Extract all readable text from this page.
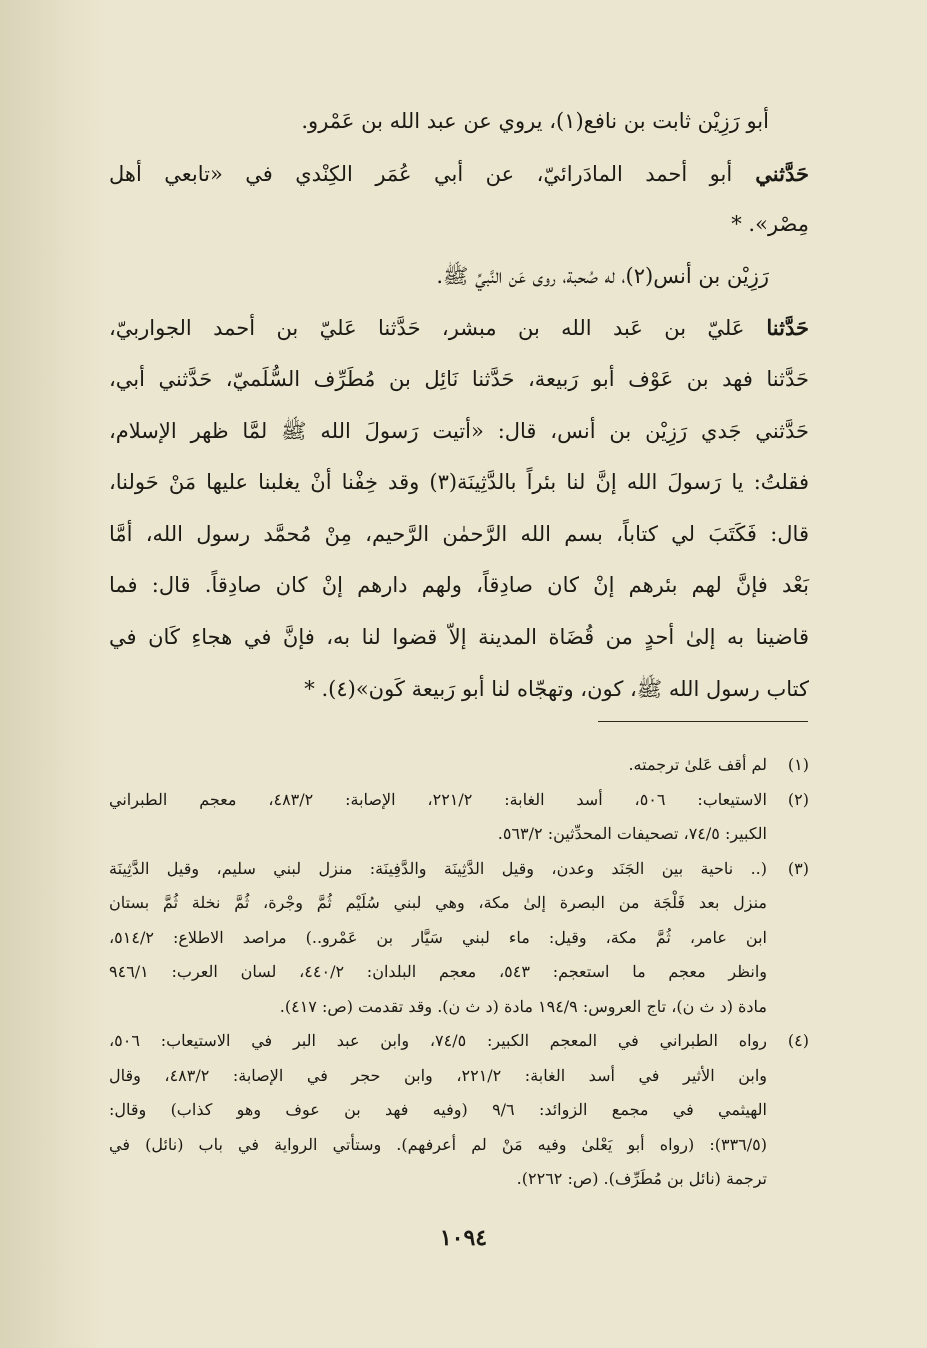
أبو رَزِيْن ثابت بن نافع(١)، يروي عن عبد الله بن عَمْرو.
حَدَّثني أبو أحمد المادَرائيّ، عن أبي عُمَر الكِنْدي في «تابعي أهل
مِصْر». *
رَزِيْن بن أنس(٢)، له صُحبة، روى عَن النَّبيِّ ﷺ.
حَدَّثنا عَليّ بن عَبد الله بن مبشر، حَدَّثنا عَليّ بن أحمد الجواربيّ،
حَدَّثنا فهد بن عَوْف أبو رَبيعة، حَدَّثنا نَائِل بن مُطَرِّف السُّلَميّ، حَدَّثني أبي،
حَدَّثني جَدي رَزِيْن بن أنس، قال: «أتيت رَسولَ الله ﷺ لمَّا ظهر الإسلام،
فقلتُ: يا رَسولَ الله إنَّ لنا بئراً بالدَّثِينَة(٣) وقد خِفْنا أنْ يغلبنا عليها مَنْ حَولنا،
قال: فَكَتَبَ لي كتاباً، بسم الله الرَّحمٰن الرَّحيم، مِنْ مُحمَّد رسول الله، أمَّا
بَعْد فإنَّ لهم بئرهم إنْ كان صادِقاً، ولهم دارهم إنْ كان صادِقاً. قال: فما
قاضينا به إلىٰ أحدٍ من قُضَاة المدينة إلاّ قضوا لنا به، فإنَّ في هجاءِ كَان في
كتاب رسول الله ﷺ، كون، وتهجّاه لنا أبو رَبيعة كَون»(٤). *
(١)لم أقف عَلىٰ ترجمته.
(٢)الاستيعاب: ٥٠٦، أسد الغابة: ٢٢١/٢، الإصابة: ٤٨٣/٢، معجم الطبراني
الكبير: ٧٤/٥، تصحيفات المحدِّثين: ٥٦٣/٢.
(٣)(.. ناحية بين الجَنَد وعدن، وقيل الدَّثِينَة والدَّفِينَة: منزل لبني سليم، وقيل الدَّثِينَة
منزل بعد فَلْجَة من البصرة إلىٰ مكة، وهي لبني سُلَيْم ثُمَّ وجْرة، ثُمَّ نخلة ثُمَّ بستان
ابن عامر، ثُمَّ مكة، وقيل: ماء لبني سَيَّار بن عَمْرو..) مراصد الاطلاع: ٥١٤/٢،
وانظر معجم ما استعجم: ٥٤٣، معجم البلدان: ٤٤٠/٢، لسان العرب: ٩٤٦/١
مادة (د ث ن)، تاج العروس: ١٩٤/٩ مادة (د ث ن). وقد تقدمت (ص: ٤١٧).
(٤)رواه الطبراني في المعجم الكبير: ٧٤/٥، وابن عبد البر في الاستيعاب: ٥٠٦،
وابن الأثير في أسد الغابة: ٢٢١/٢، وابن حجر في الإصابة: ٤٨٣/٢، وقال
الهيثمي في مجمع الزوائد: ٩/٦ (وفيه فهد بن عوف وهو كذاب) وقال:
(٣٣٦/٥): (رواه أبو يَعْلىٰ وفيه مَنْ لم أعرفهم). وستأتي الرواية في باب (نائل) في
ترجمة (نائل بن مُطَرِّف). (ص: ٢٢٦٢).
١٠٩٤
